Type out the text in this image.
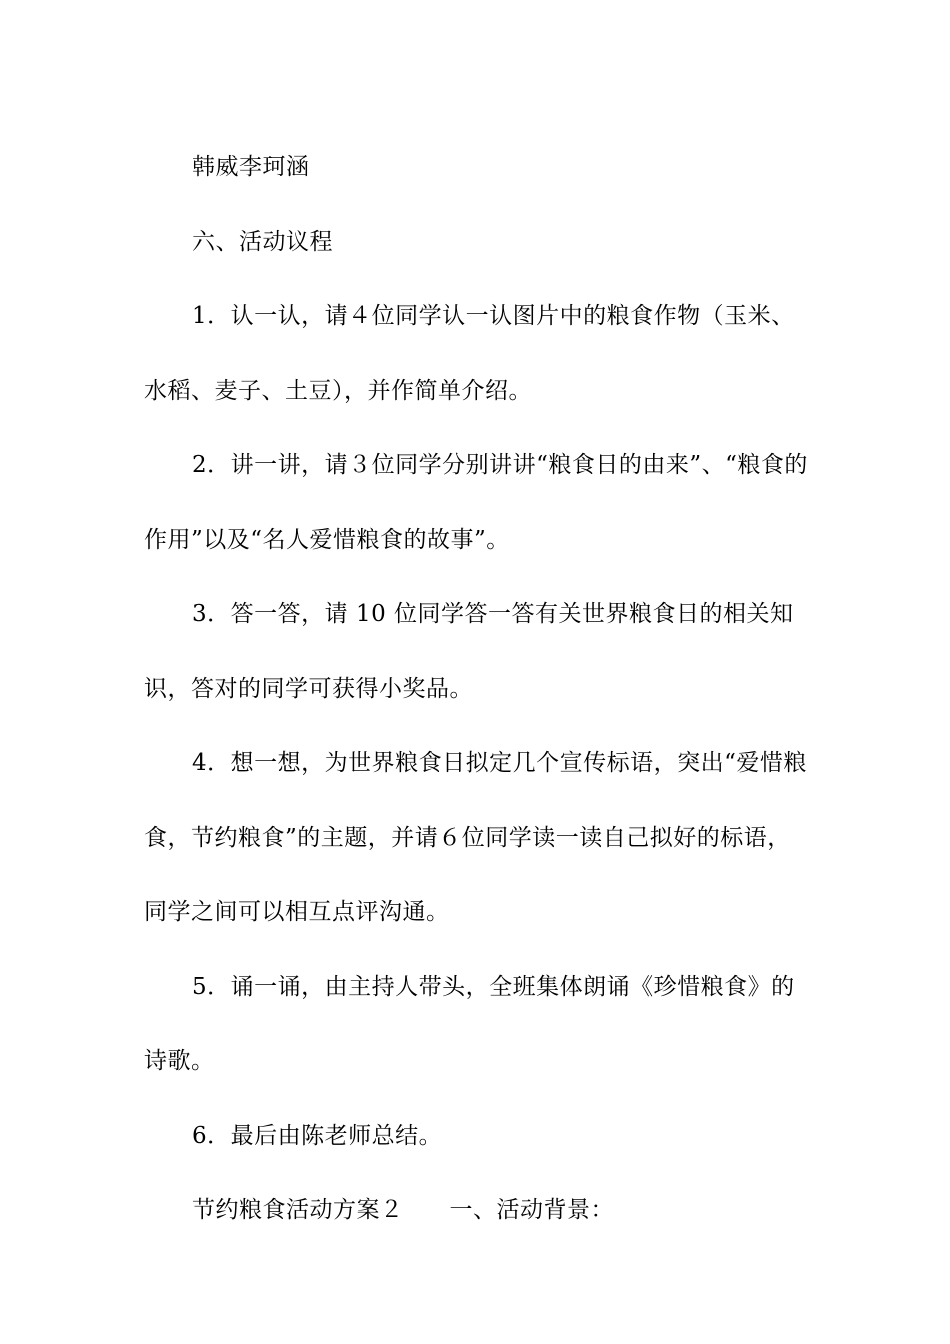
韩威李珂涵

六、活动议程

1．认一认，请４位同学认一认图片中的粮食作物（玉米、水稻、麦子、土豆），并作简单介绍。

2．讲一讲，请３位同学分别讲讲“粮食日的由来”、“粮食的作用”以及“名人爱惜粮食的故事”。

3．答一答，请 10 位同学答一答有关世界粮食日的相关知识，答对的同学可获得小奖品。

4．想一想，为世界粮食日拟定几个宣传标语，突出“爱惜粮食，节约粮食”的主题，并请６位同学读一读自己拟好的标语，同学之间可以相互点评沟通。

5．诵一诵，由主持人带头，全班集体朗诵《珍惜粮食》的诗歌。

6．最后由陈老师总结。

节约粮食活动方案２ 一、活动背景：
